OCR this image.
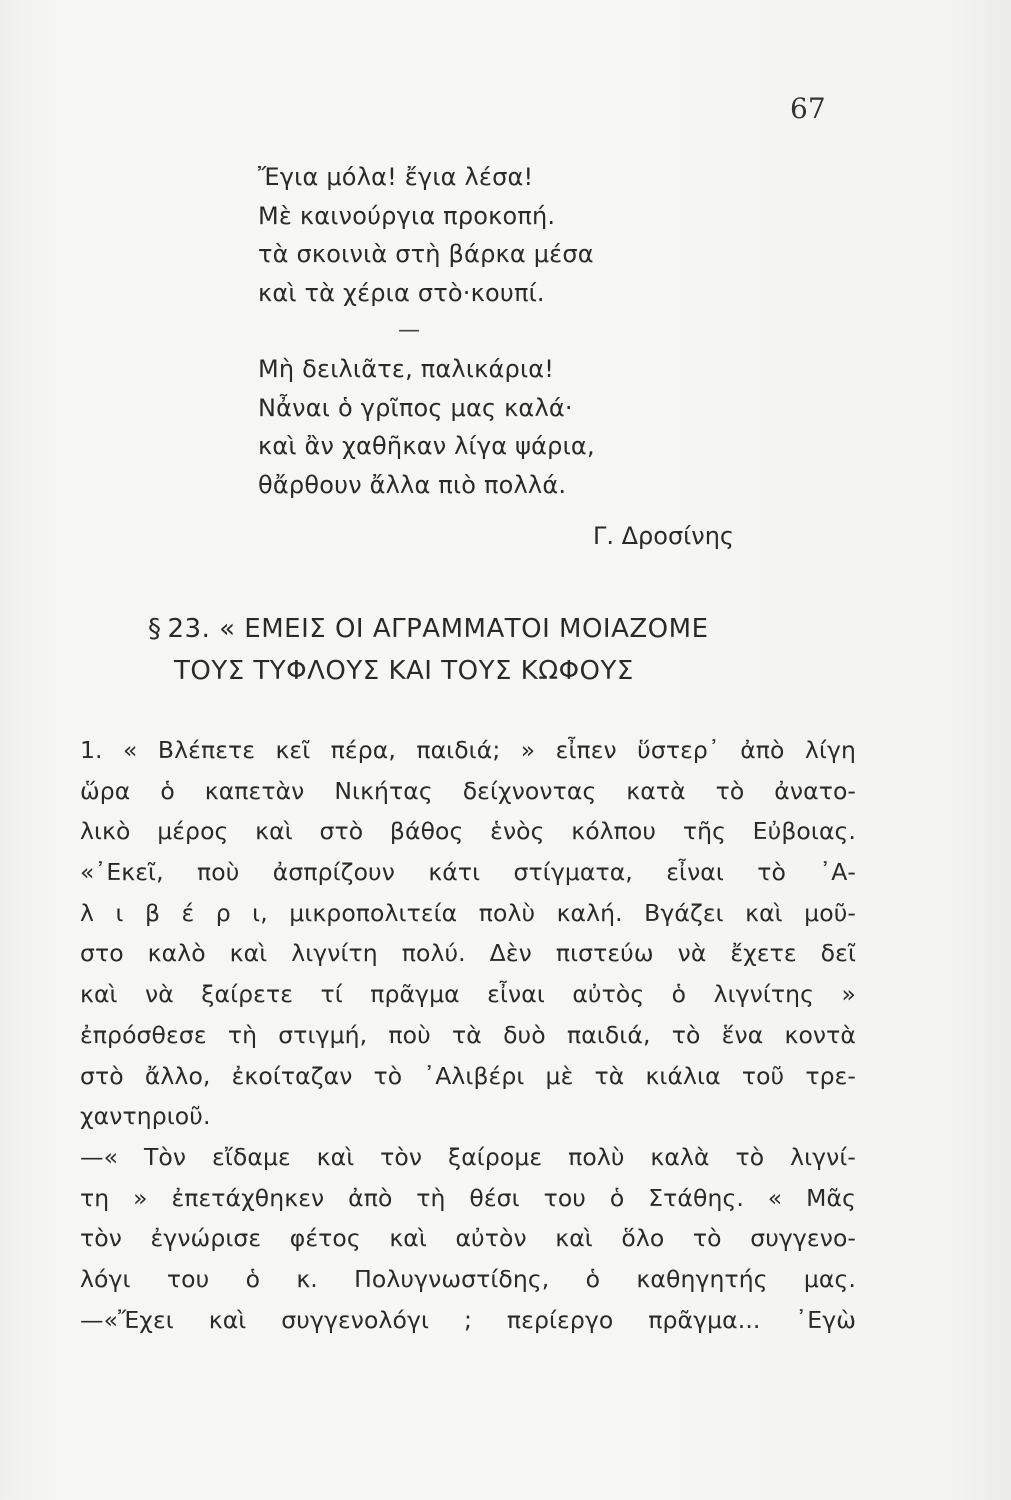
67
Ἔγια μόλα! ἔγια λέσα!
Μὲ καινούργια προκοπή.
τὰ σκοινιὰ στὴ βάρκα μέσα
καὶ τὰ χέρια στὸ·κουπί.
—
Μὴ δειλιᾶτε, παλικάρια!
Νἆναι ὁ γρῖπος μας καλά·
καὶ ἂν χαθῆκαν λίγα ψάρια,
θἄρθουν ἄλλα πιὸ πολλά.
Γ. Δροσίνης
§ 23. « ΕΜΕΙΣ ΟΙ ΑΓΡΑΜΜΑΤΟΙ ΜΟΙΑΖΟΜΕ
ΤΟΥΣ ΤΥΦΛΟΥΣ ΚΑΙ ΤΟΥΣ ΚΩΦΟΥΣ
1. « Βλέπετε κεῖ πέρα, παιδιά; » εἶπεν ὕστερ᾽ ἀπὸ λίγη
ὥρα ὁ καπετὰν Νικήτας δείχνοντας κατὰ τὸ ἀνατο-
λικὸ μέρος καὶ στὸ βάθος ἑνὸς κόλπου τῆς Εὐβοιας.
«᾿Εκεῖ, ποὺ ἀσπρίζουν κάτι στίγματα, εἶναι τὸ ᾿Α-
λ ι β έ ρ ι, μικροπολιτεία πολὺ καλή. Βγάζει καὶ μοῦ-
στο καλὸ καὶ λιγνίτη πολύ. Δὲν πιστεύω νὰ ἔχετε δεῖ
καὶ νὰ ξαίρετε τί πρᾶγμα εἶναι αὐτὸς ὁ λιγνίτης »
ἐπρόσθεσε τὴ στιγμή, ποὺ τὰ δυὸ παιδιά, τὸ ἕνα κοντὰ
στὸ ἄλλο, ἐκοίταζαν τὸ ᾿Αλιβέρι μὲ τὰ κιάλια τοῦ τρε-
χαντηριοῦ.
—« Τὸν εἴδαμε καὶ τὸν ξαίρομε πολὺ καλὰ τὸ λιγνί-
τη » ἐπετάχθηκεν ἀπὸ τὴ θέσι του ὁ Στάθης. « Μᾶς
τὸν ἐγνώρισε φέτος καὶ αὐτὸν καὶ ὅλο τὸ συγγενο-
λόγι του ὁ κ. Πολυγνωστίδης, ὁ καθηγητής μας.
—«Ἔχει καὶ συγγενολόγι ; περίεργο πρᾶγμα... ᾿Εγὼ
